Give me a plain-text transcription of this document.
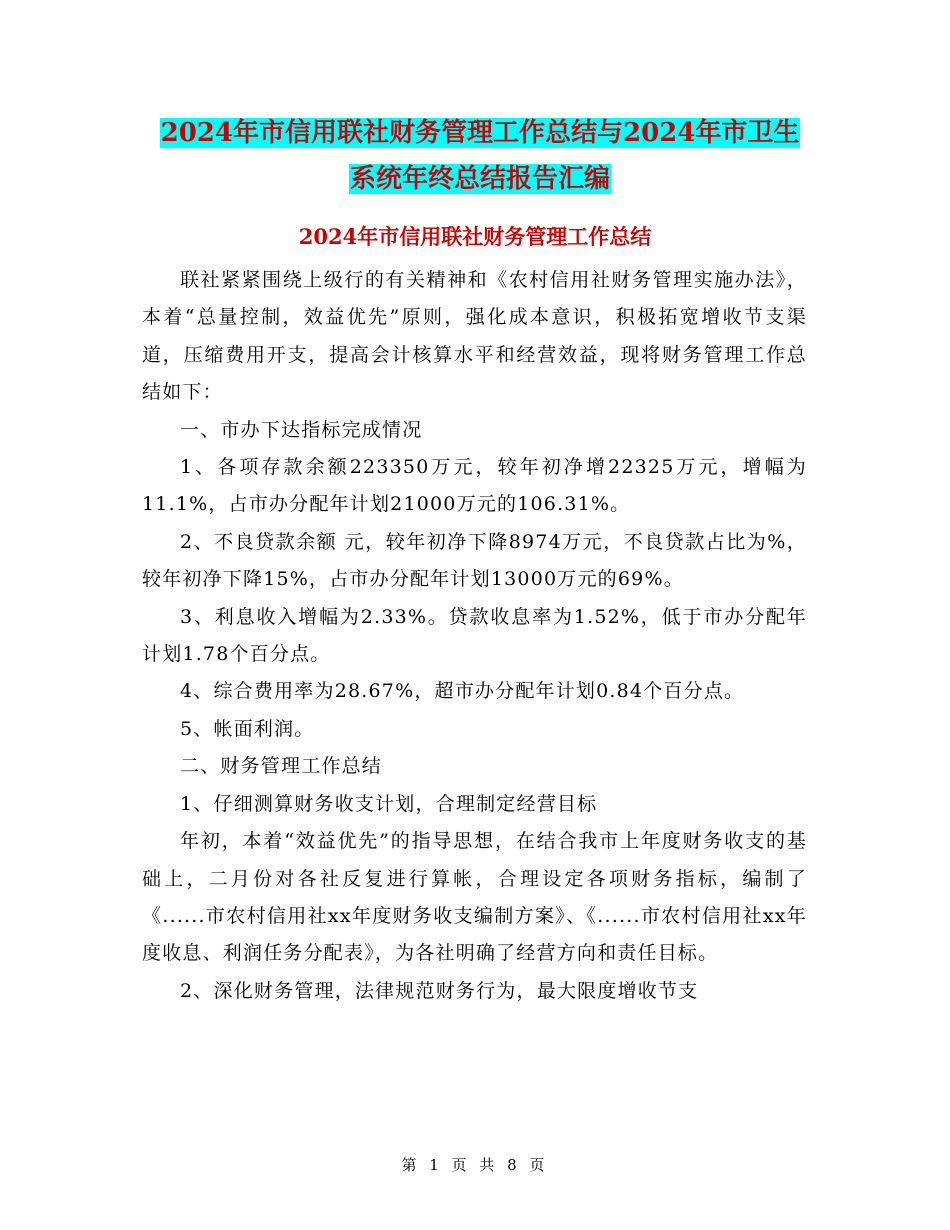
2024年市信用联社财务管理工作总结与2024年市卫生
系统年终总结报告汇编
2024年市信用联社财务管理工作总结

联社紧紧围绕上级行的有关精神和《农村信用社财务管理实施办法》，本着“总量控制，效益优先”原则，强化成本意识，积极拓宽增收节支渠道，压缩费用开支，提高会计核算水平和经营效益，现将财务管理工作总结如下：

一、市办下达指标完成情况

1、各项存款余额223350万元，较年初净增22325万元，增幅为11.1%，占市办分配年计划21000万元的106.31%。

2、不良贷款余额 元，较年初净下降8974万元，不良贷款占比为%，较年初净下降15%，占市办分配年计划13000万元的69%。

3、利息收入增幅为2.33%。贷款收息率为1.52%，低于市办分配年计划1.78个百分点。

4、综合费用率为28.67%，超市办分配年计划0.84个百分点。

5、帐面利润。

二、财务管理工作总结

1、仔细测算财务收支计划，合理制定经营目标

年初，本着“效益优先”的指导思想，在结合我市上年度财务收支的基础上，二月份对各社反复进行算帐，合理设定各项财务指标，编制了《......市农村信用社xx年度财务收支编制方案》、《......市农村信用社xx年度收息、利润任务分配表》，为各社明确了经营方向和责任目标。

2、深化财务管理，法律规范财务行为，最大限度增收节支

第 1 页 共 8 页
